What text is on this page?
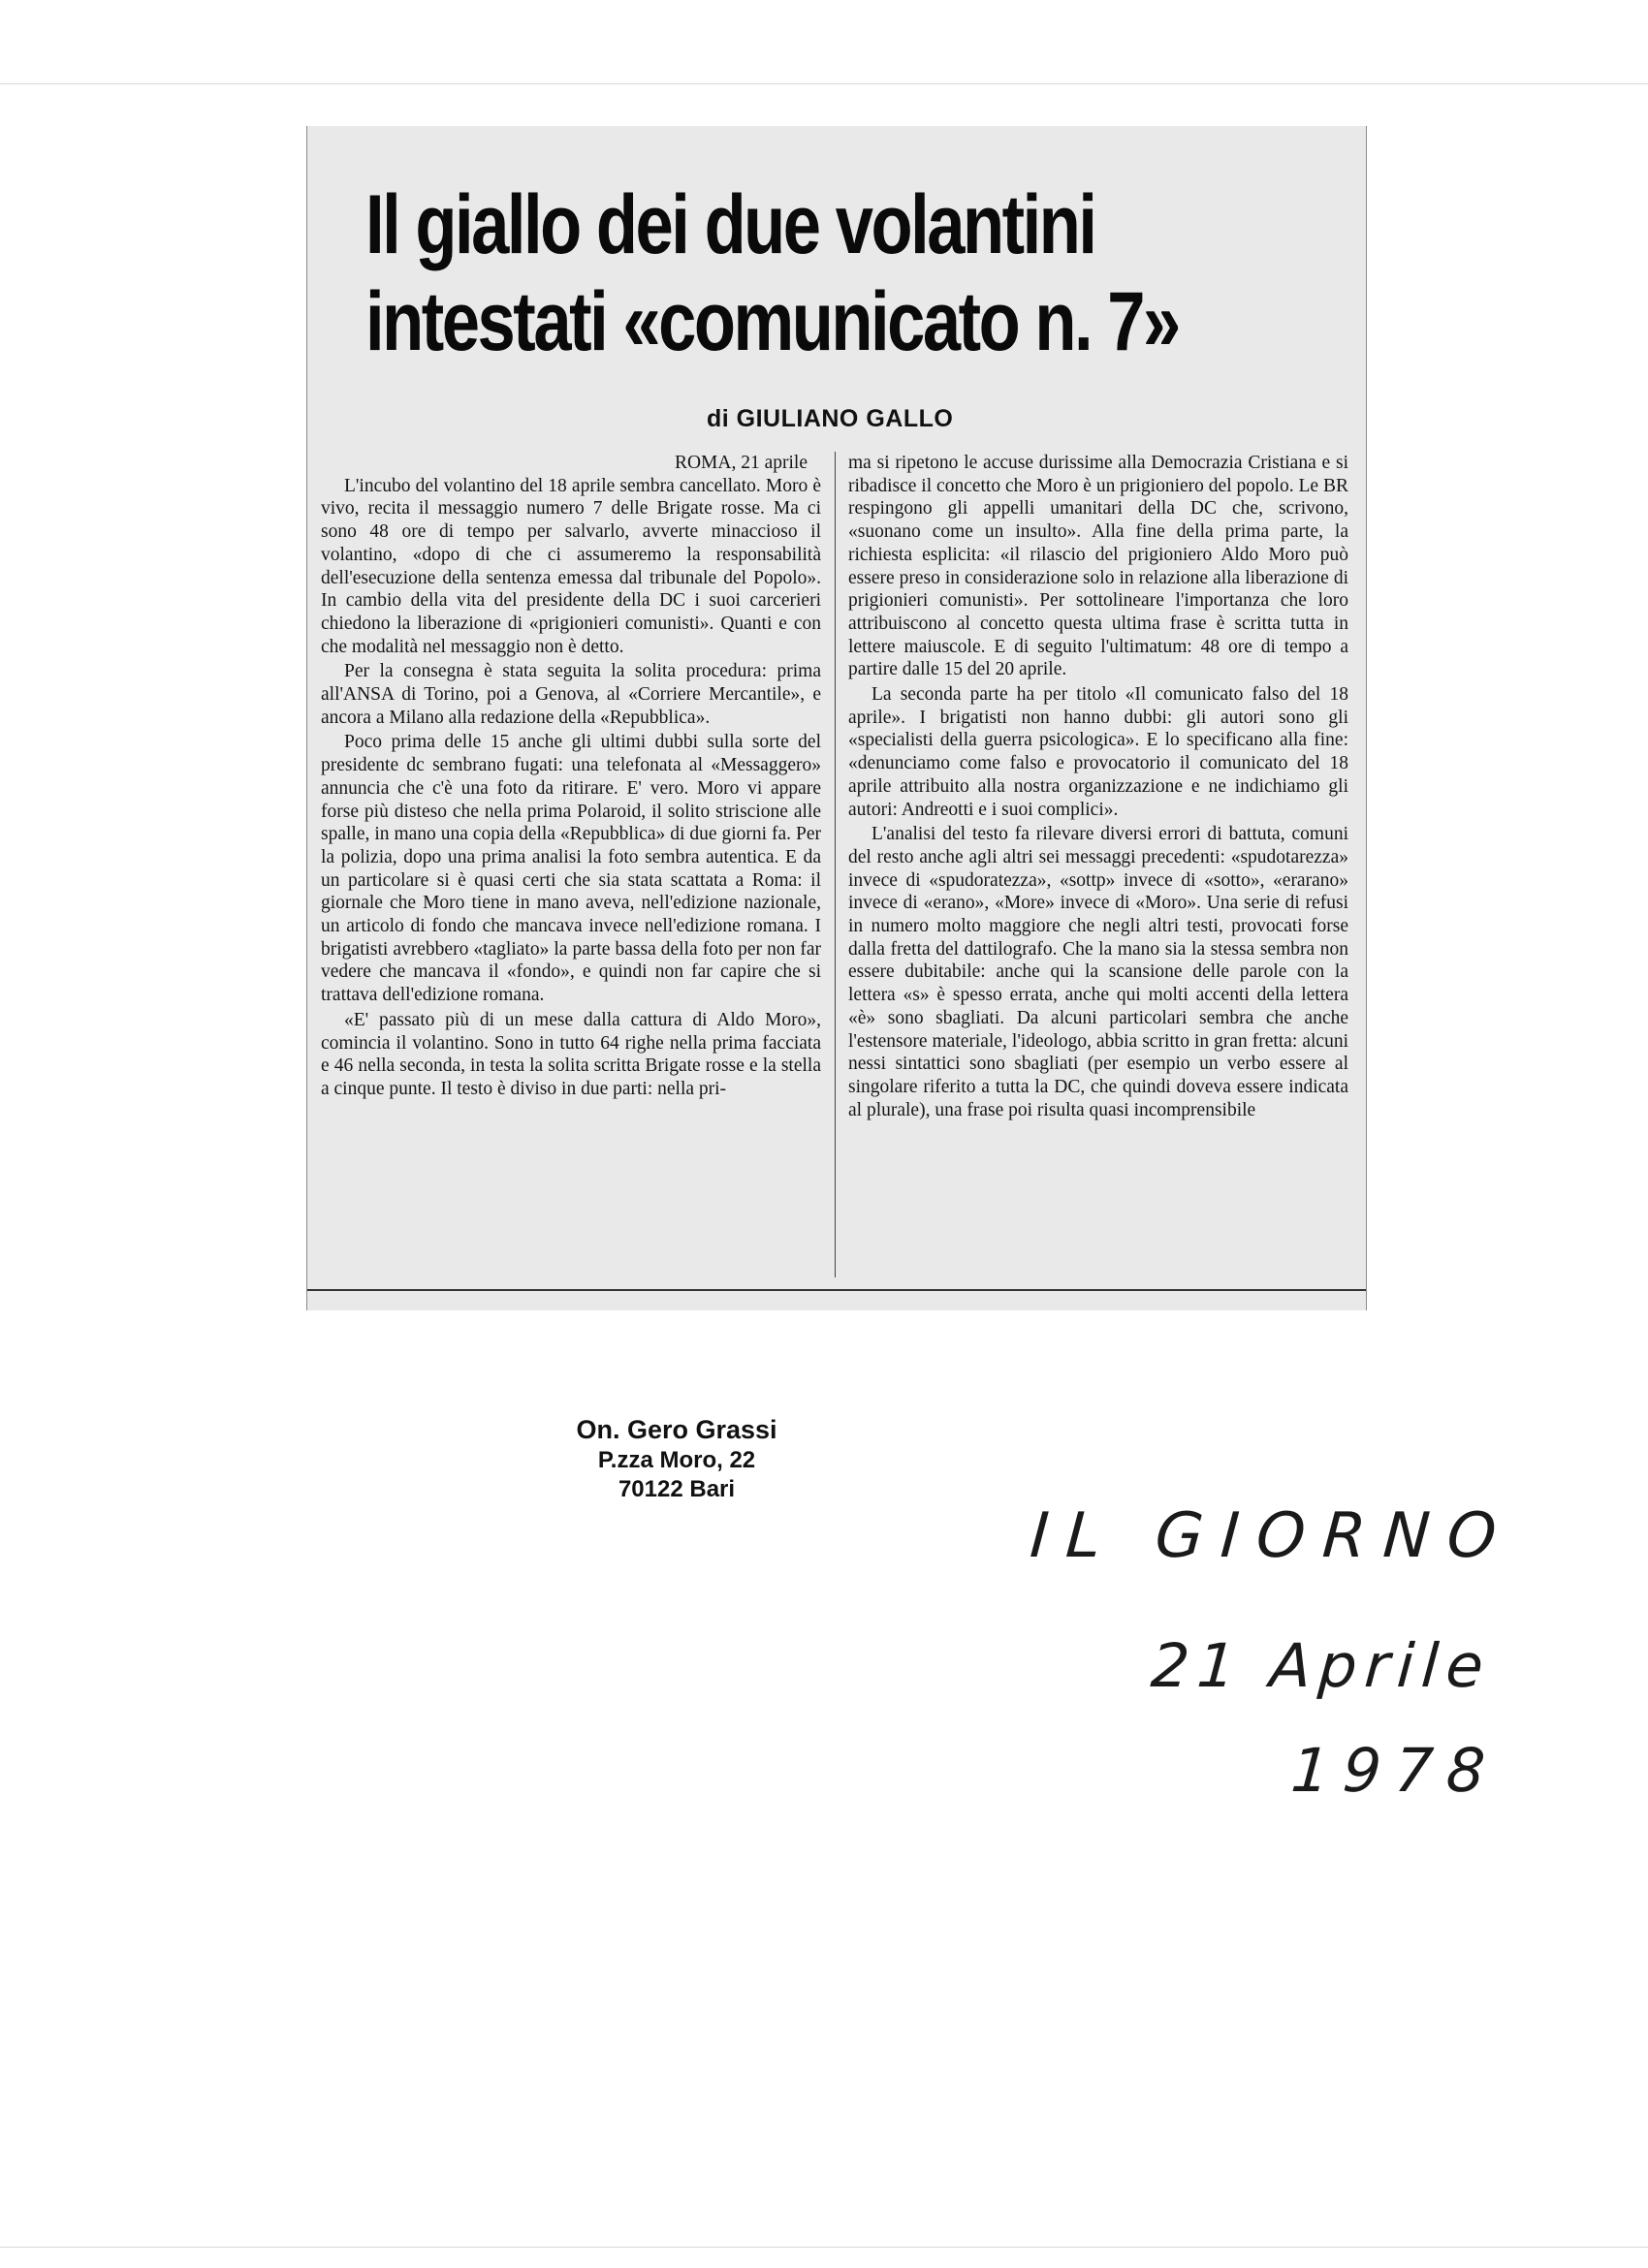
Il giallo dei due volantini
intestati «comunicato n. 7»
di GIULIANO GALLO
ROMA, 21 aprile

L'incubo del volantino del 18 aprile sembra cancellato. Moro è vivo, recita il messaggio numero 7 delle Brigate rosse. Ma ci sono 48 ore di tempo per salvarlo, avverte minaccioso il volantino, «dopo di che ci assumeremo la responsabilità dell'esecuzione della sentenza emessa dal tribunale del Popolo». In cambio della vita del presidente della DC i suoi carcerieri chiedono la liberazione di «prigionieri comunisti». Quanti e con che modalità nel messaggio non è detto.

Per la consegna è stata seguita la solita procedura: prima all'ANSA di Torino, poi a Genova, al «Corriere Mercantile», e ancora a Milano alla redazione della «Repubblica».

Poco prima delle 15 anche gli ultimi dubbi sulla sorte del presidente dc sembrano fugati: una telefonata al «Messaggero» annuncia che c'è una foto da ritirare. E' vero. Moro vi appare forse più disteso che nella prima Polaroid, il solito striscione alle spalle, in mano una copia della «Repubblica» di due giorni fa. Per la polizia, dopo una prima analisi la foto sembra autentica. E da un particolare si è quasi certi che sia stata scattata a Roma: il giornale che Moro tiene in mano aveva, nell'edizione nazionale, un articolo di fondo che mancava invece nell'edizione romana. I brigatisti avrebbero «tagliato» la parte bassa della foto per non far vedere che mancava il «fondo», e quindi non far capire che si trattava dell'edizione romana.

«E' passato più di un mese dalla cattura di Aldo Moro», comincia il volantino. Sono in tutto 64 righe nella prima facciata e 46 nella seconda, in testa la solita scritta Brigate rosse e la stella a cinque punte. Il testo è diviso in due parti: nella pri-

ma si ripetono le accuse durissime alla Democrazia Cristiana e si ribadisce il concetto che Moro è un prigioniero del popolo. Le BR respingono gli appelli umanitari della DC che, scrivono, «suonano come un insulto». Alla fine della prima parte, la richiesta esplicita: «il rilascio del prigioniero Aldo Moro può essere preso in considerazione solo in relazione alla liberazione di prigionieri comunisti». Per sottolineare l'importanza che loro attribuiscono al concetto questa ultima frase è scritta tutta in lettere maiuscole. E di seguito l'ultimatum: 48 ore di tempo a partire dalle 15 del 20 aprile.

La seconda parte ha per titolo «Il comunicato falso del 18 aprile». I brigatisti non hanno dubbi: gli autori sono gli «specialisti della guerra psicologica». E lo specificano alla fine: «denunciamo come falso e provocatorio il comunicato del 18 aprile attribuito alla nostra organizzazione e ne indichiamo gli autori: Andreotti e i suoi complici».

L'analisi del testo fa rilevare diversi errori di battuta, comuni del resto anche agli altri sei messaggi precedenti: «spudotarezza» invece di «spudoratezza», «sottp» invece di «sotto», «erarano» invece di «erano», «More» invece di «Moro». Una serie di refusi in numero molto maggiore che negli altri testi, provocati forse dalla fretta del dattilografo. Che la mano sia la stessa sembra non essere dubitabile: anche qui la scansione delle parole con la lettera «s» è spesso errata, anche qui molti accenti della lettera «è» sono sbagliati. Da alcuni particolari sembra che anche l'estensore materiale, l'ideologo, abbia scritto in gran fretta: alcuni nessi sintattici sono sbagliati (per esempio un verbo essere al singolare riferito a tutta la DC, che quindi doveva essere indicata al plurale), una frase poi risulta quasi incomprensibile

On. Gero Grassi
P.zza Moro, 22
70122 Bari
IL GIORNO
21 Aprile
1978
